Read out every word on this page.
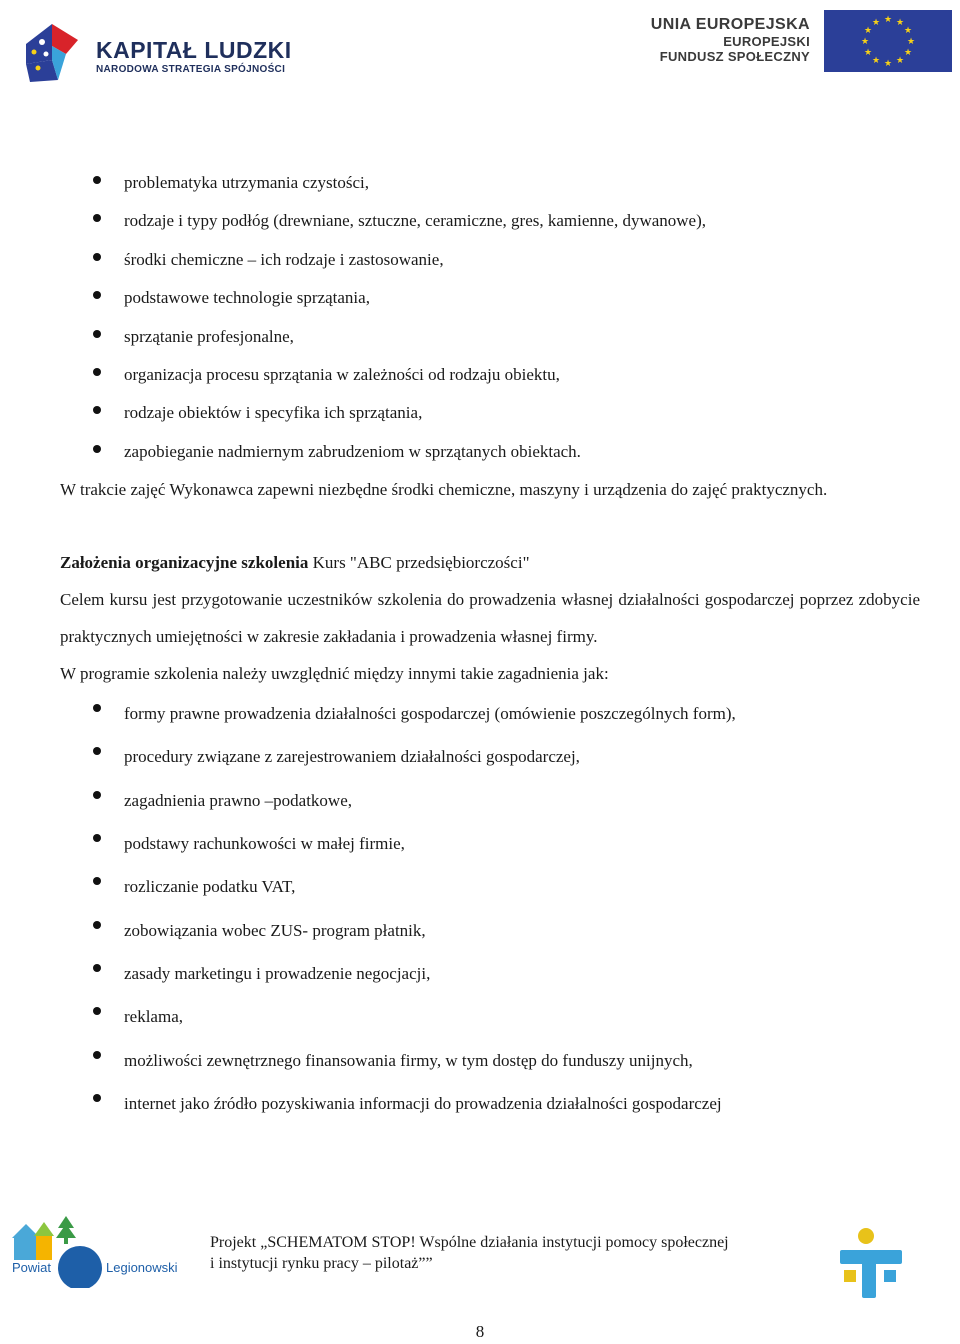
KAPITAŁ LUDZKI
NARODOWA STRATEGIA SPÓJNOŚCI
UNIA EUROPEJSKA
EUROPEJSKI
FUNDUSZ SPOŁECZNY
★ ★
★
★
★
★
★
★
★
★
★
★
problematyka utrzymania czystości,
rodzaje i typy podłóg (drewniane, sztuczne, ceramiczne, gres, kamienne, dywanowe),
środki chemiczne – ich rodzaje i zastosowanie,
podstawowe technologie sprzątania,
sprzątanie profesjonalne,
organizacja procesu sprzątania w zależności od rodzaju obiektu,
rodzaje obiektów i specyfika ich sprzątania,
zapobieganie nadmiernym zabrudzeniom w sprzątanych obiektach.

W trakcie zajęć Wykonawca zapewni niezbędne środki chemiczne, maszyny i urządzenia do zajęć praktycznych.

Założenia organizacyjne szkolenia Kurs "ABC przedsiębiorczości"

Celem kursu jest przygotowanie uczestników szkolenia do prowadzenia własnej działalności gospodarczej poprzez zdobycie praktycznych umiejętności w zakresie zakładania i prowadzenia własnej firmy.

W programie szkolenia należy uwzględnić między innymi takie zagadnienia jak:

formy prawne prowadzenia działalności gospodarczej (omówienie poszczególnych form),
procedury związane z zarejestrowaniem działalności gospodarczej,
zagadnienia prawno –podatkowe,
podstawy rachunkowości w małej firmie,
rozliczanie podatku VAT,
zobowiązania wobec ZUS- program płatnik,
zasady marketingu i prowadzenie negocjacji,
reklama,
możliwości zewnętrznego finansowania firmy, w tym dostęp do funduszy unijnych,
internet jako źródło pozyskiwania informacji do prowadzenia działalności gospodarczej
Powiat	Legionowski
Projekt „SCHEMATOM STOP! Wspólne działania instytucji pomocy społecznej
i instytucji rynku pracy – pilotaż””
8
